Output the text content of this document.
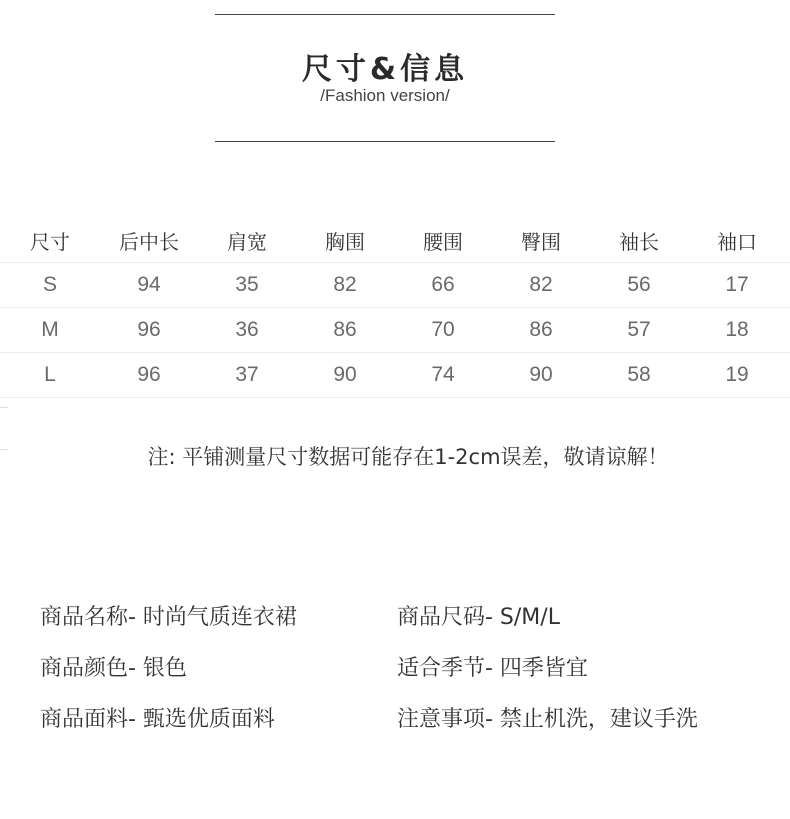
尺寸&信息
/Fashion version/
尺寸	后中长	肩宽	胸围	腰围	臀围	袖长	袖口
S	94	35	82	66	82	56	17
M	96	36	86	70	86	57	18
L	96	37	90	74	90	58	19
注: 平铺测量尺寸数据可能存在1-2cm误差，敬请谅解！
商品名称- 时尚气质连衣裙	商品尺码- S/M/L
商品颜色- 银色	适合季节- 四季皆宜
商品面料- 甄选优质面料	注意事项- 禁止机洗，建议手洗
